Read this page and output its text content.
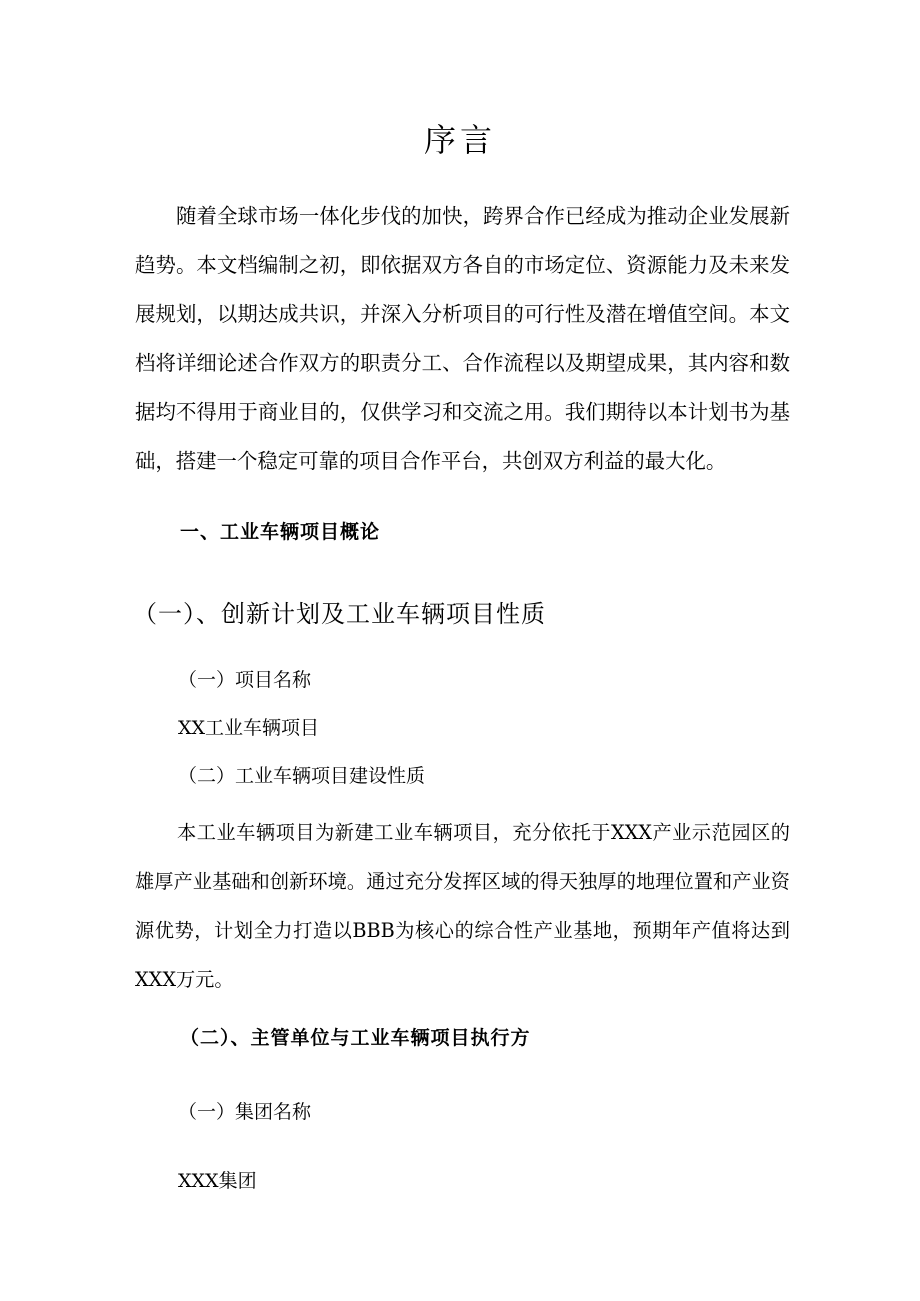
序言

随着全球市场一体化步伐的加快，跨界合作已经成为推动企业发展新趋势。本文档编制之初，即依据双方各自的市场定位、资源能力及未来发展规划，以期达成共识，并深入分析项目的可行性及潜在增值空间。本文档将详细论述合作双方的职责分工、合作流程以及期望成果，其内容和数据均不得用于商业目的，仅供学习和交流之用。我们期待以本计划书为基础，搭建一个稳定可靠的项目合作平台，共创双方利益的最大化。

一、工业车辆项目概论
（一）、创新计划及工业车辆项目性质
（一）项目名称
XX工业车辆项目
（二）工业车辆项目建设性质

本工业车辆项目为新建工业车辆项目，充分依托于XXX产业示范园区的雄厚产业基础和创新环境。通过充分发挥区域的得天独厚的地理位置和产业资源优势，计划全力打造以BBB为核心的综合性产业基地，预期年产值将达到XXX万元。

（二）、主管单位与工业车辆项目执行方
（一）集团名称
XXX集团
